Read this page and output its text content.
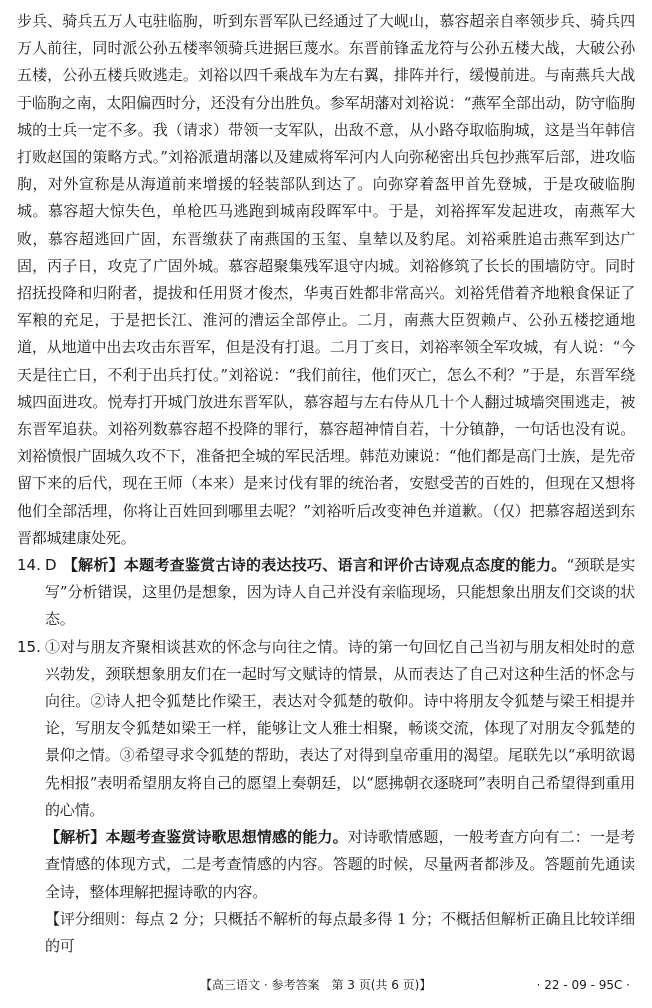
步兵、骑兵五万人屯驻临朐，听到东晋军队已经通过了大岘山，慕容超亲自率领步兵、骑兵四万人前往，同时派公孙五楼率领骑兵进据巨蔑水。东晋前锋孟龙符与公孙五楼大战，大破公孙五楼，公孙五楼兵败逃走。刘裕以四千乘战车为左右翼，排阵并行，缓慢前进。与南燕兵大战于临朐之南，太阳偏西时分，还没有分出胜负。参军胡藩对刘裕说：“燕军全部出动，防守临朐城的士兵一定不多。我（请求）带领一支军队，出敌不意，从小路夺取临朐城，这是当年韩信打败赵国的策略方式。”刘裕派遣胡藩以及建威将军河内人向弥秘密出兵包抄燕军后部，进攻临朐，对外宣称是从海道前来增援的轻装部队到达了。向弥穿着盔甲首先登城，于是攻破临朐城。慕容超大惊失色，单枪匹马逃跑到城南段晖军中。于是，刘裕挥军发起进攻，南燕军大败，慕容超逃回广固，东晋缴获了南燕国的玉玺、皇辇以及豹尾。刘裕乘胜追击燕军到达广固，丙子日，攻克了广固外城。慕容超聚集残军退守内城。刘裕修筑了长长的围墙防守。同时招抚投降和归附者，提拔和任用贤才俊杰，华夷百姓都非常高兴。刘裕凭借着齐地粮食保证了军粮的充足，于是把长江、淮河的漕运全部停止。二月，南燕大臣贺赖卢、公孙五楼挖通地道，从地道中出去攻击东晋军，但是没有打退。二月丁亥日，刘裕率领全军攻城，有人说：“今天是往亡日，不利于出兵打仗。”刘裕说：“我们前往，他们灭亡，怎么不利？”于是，东晋军绕城四面进攻。悦寿打开城门放进东晋军队，慕容超与左右侍从几十个人翻过城墙突围逃走，被东晋军追获。刘裕列数慕容超不投降的罪行，慕容超神情自若，十分镇静，一句话也没有说。刘裕愤恨广固城久攻不下，准备把全城的军民活埋。韩范劝谏说：“他们都是高门士族，是先帝留下来的后代，现在王师（本来）是来讨伐有罪的统治者，安慰受苦的百姓的，但现在又想将他们全部活埋，你将让百姓回到哪里去呢？”刘裕听后改变神色并道歉。（仅）把慕容超送到东晋都城建康处死。

14. D 【解析】本题考查鉴赏古诗的表达技巧、语言和评价古诗观点态度的能力。“颈联是实写”分析错误，这里仍是想象，因为诗人自己并没有亲临现场，只能想象出朋友们交谈的状态。
15. ①对与朋友齐聚相谈甚欢的怀念与向往之情。诗的第一句回忆自己当初与朋友相处时的意兴勃发，颈联想象朋友们在一起时写文赋诗的情景，从而表达了自己对这种生活的怀念与向往。②诗人把令狐楚比作梁王，表达对令狐楚的敬仰。诗中将朋友令狐楚与梁王相提并论，写朋友令狐楚如梁王一样，能够让文人雅士相聚，畅谈交流，体现了对朋友令狐楚的景仰之情。③希望寻求令狐楚的帮助，表达了对得到皇帝重用的渴望。尾联先以“承明欲谒先相报”表明希望朋友将自己的愿望上奏朝廷，以“愿拂朝衣逐晓珂”表明自己希望得到重用的心情。

【解析】本题考查鉴赏诗歌思想情感的能力。对诗歌情感题，一般考查方向有二：一是考查情感的体现方式，二是考查情感的内容。答题的时候，尽量两者都涉及。答题前先通读全诗，整体理解把握诗歌的内容。

【评分细则：每点 2 分；只概括不解析的每点最多得 1 分；不概括但解析正确且比较详细的可

【高三语文 · 参考答案　第 3 页(共 6 页)】	· 22 - 09 - 95C ·
